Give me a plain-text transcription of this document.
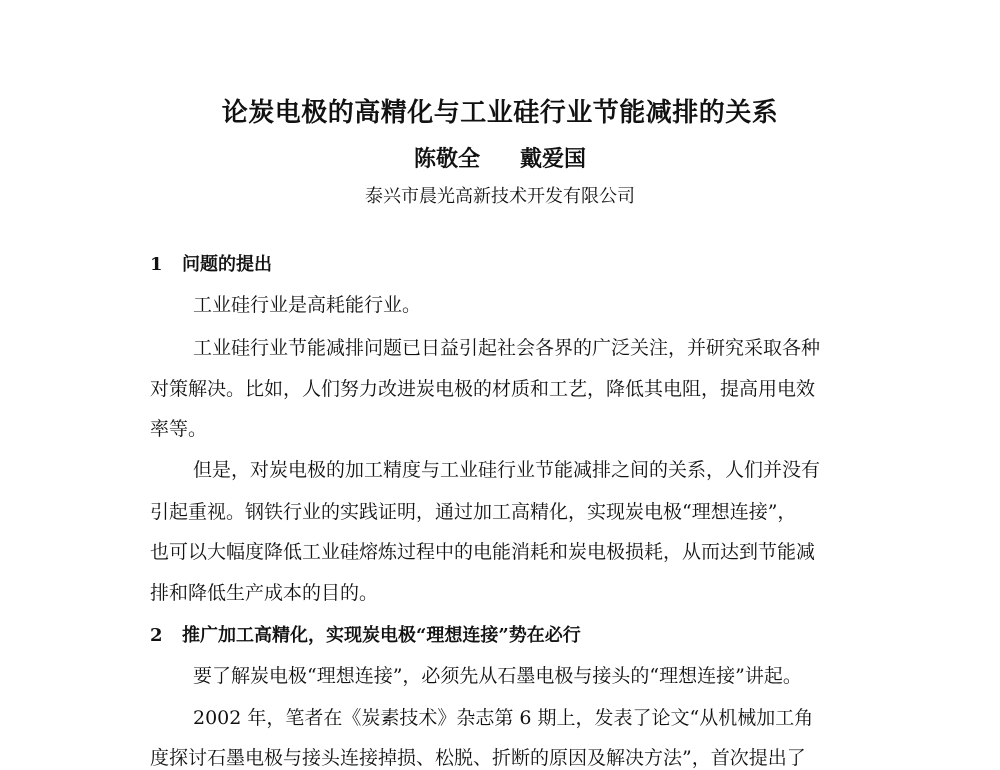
论炭电极的高精化与工业硅行业节能减排的关系
陈敬全 戴爱国
泰兴市晨光高新技术开发有限公司
1 问题的提出
工业硅行业是高耗能行业。
工业硅行业节能减排问题已日益引起社会各界的广泛关注，并研究采取各种
对策解决。比如，人们努力改进炭电极的材质和工艺，降低其电阻，提高用电效
率等。
但是，对炭电极的加工精度与工业硅行业节能减排之间的关系，人们并没有
引起重视。钢铁行业的实践证明，通过加工高精化，实现炭电极“理想连接”，
也可以大幅度降低工业硅熔炼过程中的电能消耗和炭电极损耗，从而达到节能减
排和降低生产成本的目的。
2 推广加工高精化，实现炭电极“理想连接”势在必行
要了解炭电极“理想连接”，必须先从石墨电极与接头的“理想连接”讲起。
2002 年，笔者在《炭素技术》杂志第 6 期上，发表了论文“从机械加工角
度探讨石墨电极与接头连接掉损、松脱、折断的原因及解决方法”，首次提出了
